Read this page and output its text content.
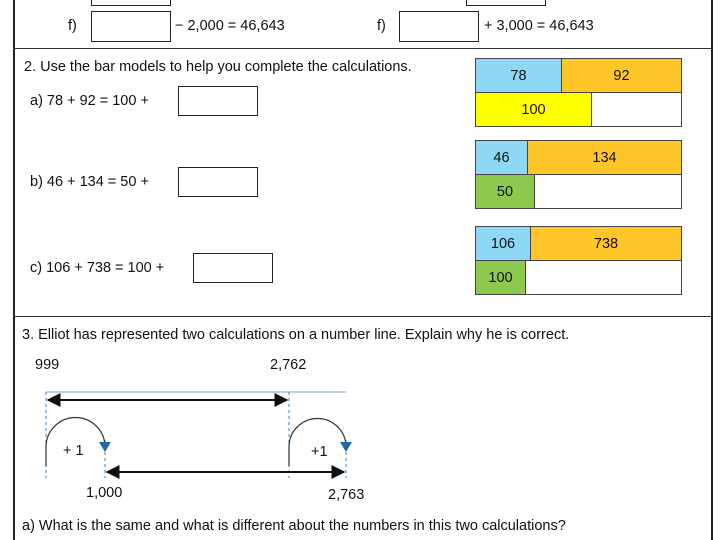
f)	− 2,000 = 46,643	f)	+ 3,000 = 46,643
2. Use the bar models to help you complete the calculations.
a) 78 + 92 = 100 +
b) 46 + 134 = 50 +
c) 106 + 738 = 100 +
78	92
100
46	134
50
106	738
100
3. Elliot has represented two calculations on a number line. Explain why he is correct.
999	2,762
+ 1	+1
1,000	2,763
a) What is the same and what is different about the numbers in this two calculations?
